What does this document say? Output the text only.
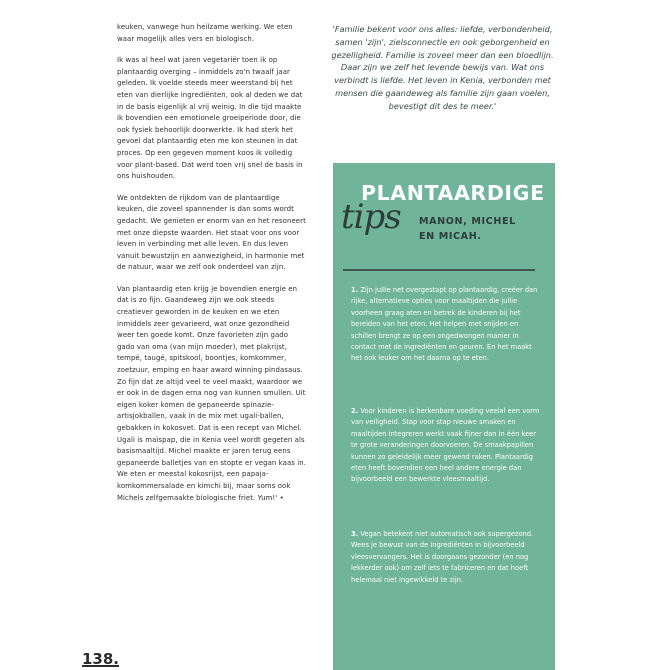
keuken, vanwege hun heilzame werking. We eten waar mogelijk alles vers en biologisch.

Ik was al heel wat jaren vegetariër toen ik op plantaardig overging – inmiddels zo'n twaalf jaar geleden. Ik voelde steeds meer weerstand bij het eten van dierlijke ingrediënten, ook al deden we dat in de basis eigenlijk al vrij weinig. In die tijd maakte ik bovendien een emotionele groeiperiode door, die ook fysiek behoorlijk doorwerkte. Ik had sterk het gevoel dat plantaardig eten me kon steunen in dat proces. Op een gegeven moment koos ik volledig voor plant-based. Dat werd toen vrij snel de basis in ons huishouden.

We ontdekten de rijkdom van de plantaardige keuken, die zoveel spannender is dan soms wordt gedacht. We genieten er enorm van en het resoneert met onze diepste waarden. Het staat voor ons voor leven in verbinding met alle leven. En dus leven vanuit bewustzijn en aanwezigheid, in harmonie met de natuur, waar we zelf ook onderdeel van zijn.

Van plantaardig eten krijg je bovendien energie en dat is zo fijn. Gaandeweg zijn we ook steeds creatiever geworden in de keuken en we eten inmiddels zeer gevarieerd, wat onze gezondheid weer ten goede komt. Onze favorieten zijn gado gado van oma (van mijn moeder), met plakrijst, tempé, taugé, spitskool, boontjes, komkommer, zoetzuur, emping en haar award winning pindasaus. Zo fijn dat ze altijd veel te veel maakt, waardoor we er ook in de dagen erna nog van kunnen smullen. Uit eigen koker komen de gepaneerde spinazie-artisjokballen, vaak in de mix met ugali-ballen, gebakken in kokosvet. Dat is een recept van Michel. Ugali is maïspap, die in Kenia veel wordt gegeten als basismaaltijd. Michel maakte er jaren terug eens gepaneerde balletjes van en stopte er vegan kaas in. We eten er meestal kokosrijst, een papaja-komkommersalade en kimchi bij, maar soms ook Michels zelfgemaakte biologische friet. Yum!' •

'Familie bekent voor ons alles: liefde, verbondenheid, samen 'zijn', zielsconnectie en ook geborgenheid en gezelligheid. Familie is zoveel meer dan een bloedlijn. Daar zijn we zelf het levende bewijs van. Wat ons verbindt is liefde. Het leven in Kenia, verbonden met mensen die gaandeweg als familie zijn gaan voelen, bevestigt dit des te meer.'
PLANTAARDIGE
tips MANON, MICHEL
EN MICAH.
1. Zijn jullie net overgestapt op plantaardig, creëer dan rijke, alternatieve opties voor maaltijden die jullie voorheen graag aten en betrek de kinderen bij het bereiden van het eten. Het helpen met snijden en schillen brengt ze op een ongedwongen manier in contact met de ingrediënten en geuren. En het maakt het ook leuker om het daarna op te eten.
2. Voor kinderen is herkenbare voeding veelal een vorm van veiligheid. Stap voor stap nieuwe smaken en maaltijden integreren werkt vaak fijner dan in één keer te grote veranderingen doorvoeren. De smaakpapillen kunnen zo geleidelijk meer gewend raken. Plantaardig eten heeft bovendien een heel andere energie dan bijvoorbeeld een bewerkte vleesmaaltijd.
3. Vegan betekent niet automatisch ook supergezond. Wees je bewust van de ingrediënten in bijvoorbeeld vleesvervangers. Het is doorgaans gezonder (en nog lekkerder ook) om zelf iets te fabriceren en dat hoeft helemaal niet ingewikkeld te zijn.
138.
